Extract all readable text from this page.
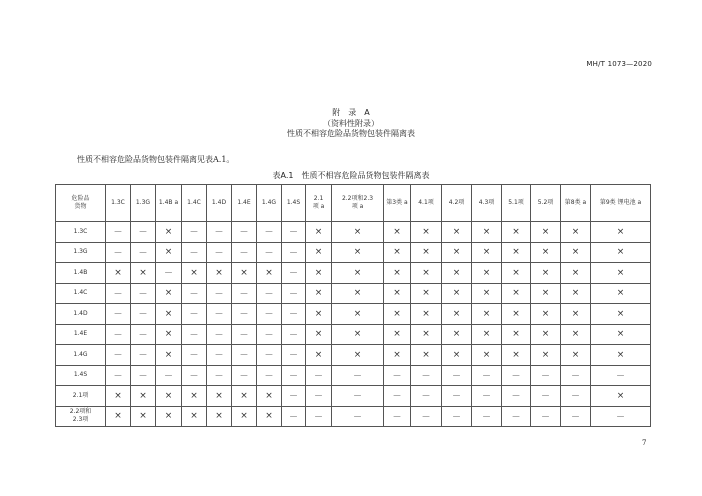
MH/T 1073—2020
附　录　A
（资料性附录）
性质不相容危险品货物包装件隔离表
性质不相容危险品货物包装件隔离见表A.1。
表A.1　性质不相容危险品货物包装件隔离表
危险品
货物	1.3C	1.3G	1.4B a	1.4C	1.4D	1.4E	1.4G	1.4S	2.1
项 a	2.2项和2.3
项 a	第3类 a	4.1项	4.2项	4.3项	5.1项	5.2项	第8类 a	第9类 锂电池 a
1.3C	－	－	×	－	－	－	－	－	×	×	×	×	×	×	×	×	×	×
1.3G	－	－	×	－	－	－	－	－	×	×	×	×	×	×	×	×	×	×
1.4B	×	×	－	×	×	×	×	－	×	×	×	×	×	×	×	×	×	×
1.4C	－	－	×	－	－	－	－	－	×	×	×	×	×	×	×	×	×	×
1.4D	－	－	×	－	－	－	－	－	×	×	×	×	×	×	×	×	×	×
1.4E	－	－	×	－	－	－	－	－	×	×	×	×	×	×	×	×	×	×
1.4G	－	－	×	－	－	－	－	－	×	×	×	×	×	×	×	×	×	×
1.4S	－	－	－	－	－	－	－	－	－	－	－	－	－	－	－	－	－	－
2.1项	×	×	×	×	×	×	×	－	－	－	－	－	－	－	－	－	－	×
2.2项和
2.3项	×	×	×	×	×	×	×	－	－	－	－	－	－	－	－	－	－	－
7
